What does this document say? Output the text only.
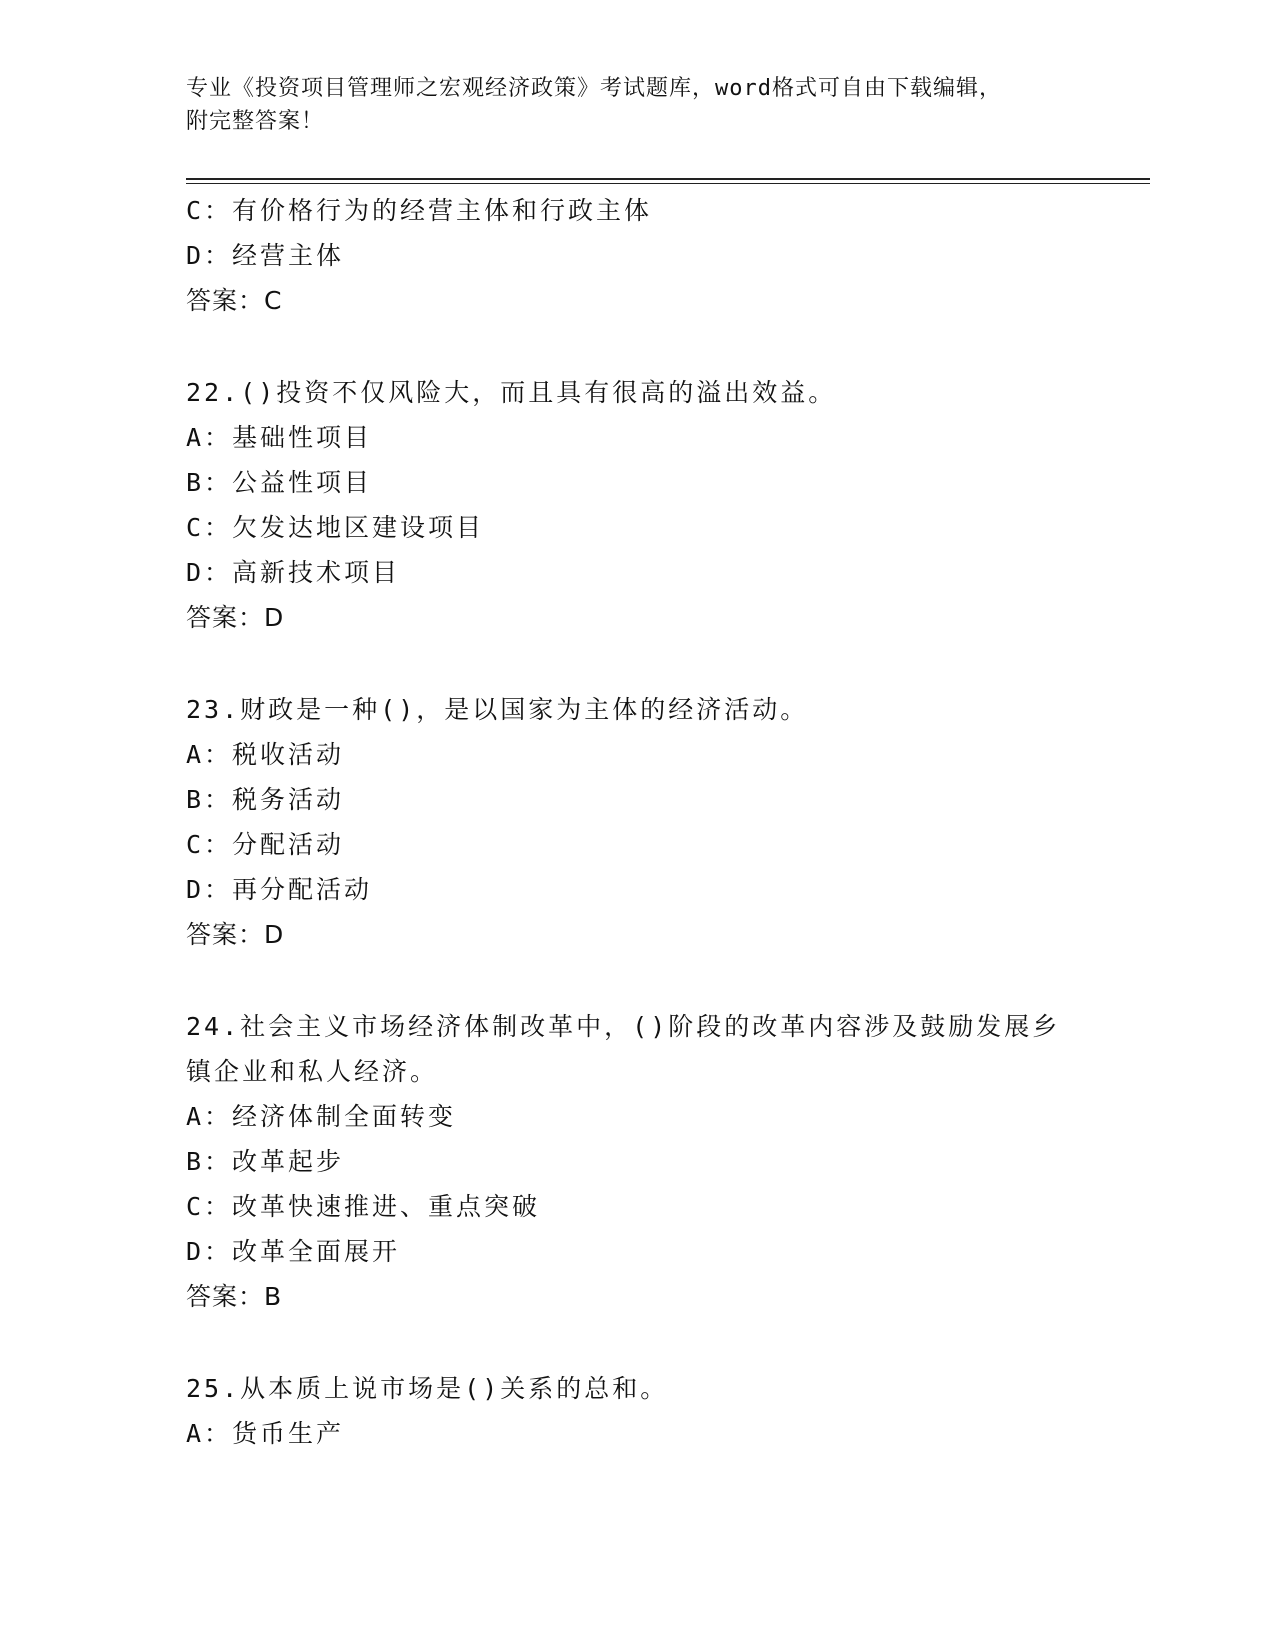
专业《投资项目管理师之宏观经济政策》考试题库，word格式可自由下载编辑，
附完整答案！
C：有价格行为的经营主体和行政主体
D：经营主体
答案：C
22.()投资不仅风险大，而且具有很高的溢出效益。
A：基础性项目
B：公益性项目
C：欠发达地区建设项目
D：高新技术项目
答案：D
23.财政是一种()，是以国家为主体的经济活动。
A：税收活动
B：税务活动
C：分配活动
D：再分配活动
答案：D
24.社会主义市场经济体制改革中，()阶段的改革内容涉及鼓励发展乡
镇企业和私人经济。
A：经济体制全面转变
B：改革起步
C：改革快速推进、重点突破
D：改革全面展开
答案：B
25.从本质上说市场是()关系的总和。
A：货币生产
